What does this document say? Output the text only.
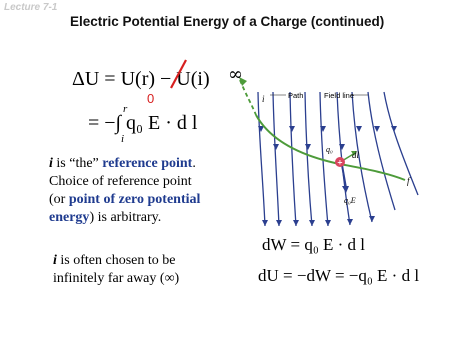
Lecture 7-1
Electric Potential Energy of a Charge (continued)
ΔU = U(r) − U(i)
0
= −∫ q₀ E · d l
r
i
dW = q₀ E · d l
dU = −dW = −q₀ E · d l
i is “the” reference point.
Choice of reference point
(or point of zero potential
energy) is arbitrary.
i is often chosen to be
infinitely far away (∞)
∞
Path	Field line
i
f
+
q₀
dl
q₀E
